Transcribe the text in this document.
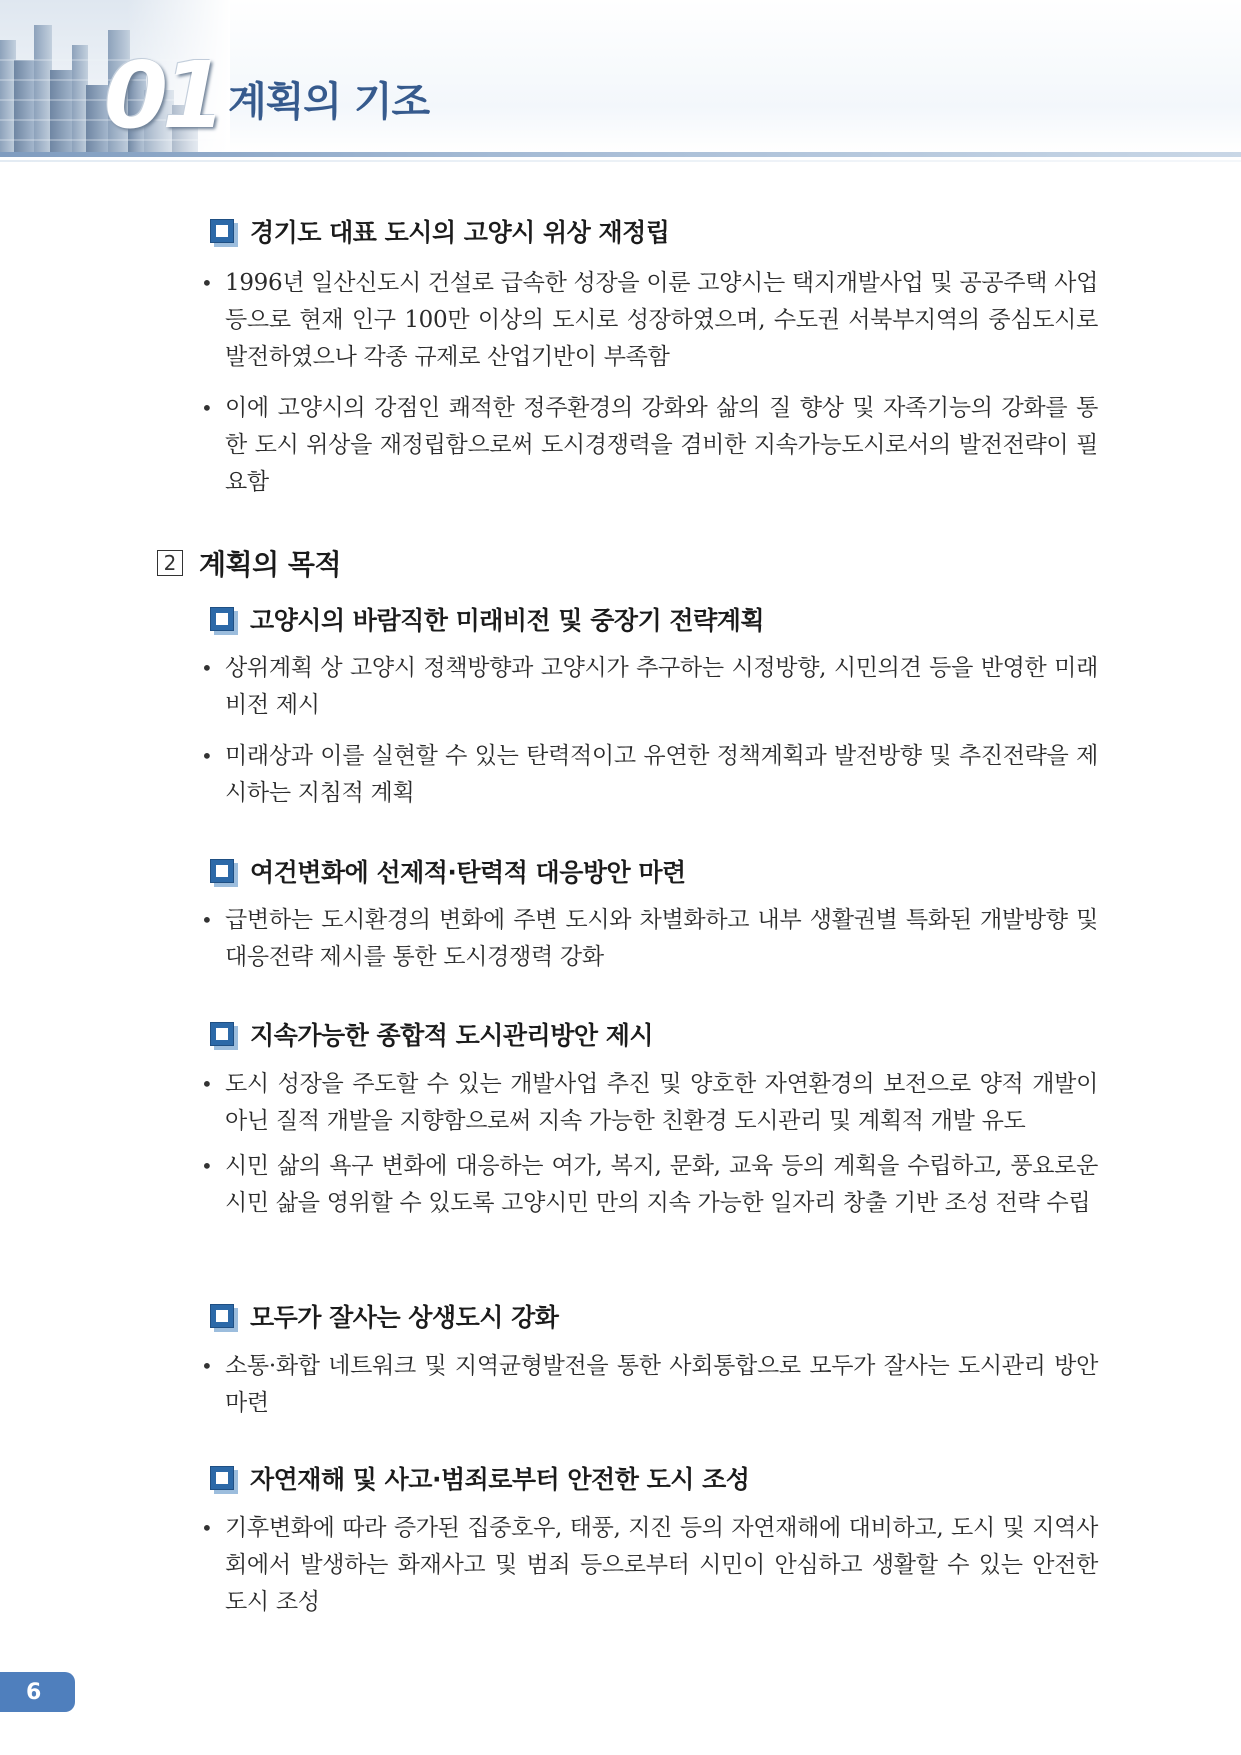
01 계획의 기조
경기도 대표 도시의 고양시 위상 재정립
• 1996년 일산신도시 건설로 급속한 성장을 이룬 고양시는 택지개발사업 및 공공주택 사업 등으로 현재 인구 100만 이상의 도시로 성장하였으며, 수도권 서북부지역의 중심도시로 발전하였으나 각종 규제로 산업기반이 부족함
• 이에 고양시의 강점인 쾌적한 정주환경의 강화와 삶의 질 향상 및 자족기능의 강화를 통한 도시 위상을 재정립함으로써 도시경쟁력을 겸비한 지속가능도시로서의 발전전략이 필요함
2 계획의 목적
고양시의 바람직한 미래비전 및 중장기 전략계획
• 상위계획 상 고양시 정책방향과 고양시가 추구하는 시정방향, 시민의견 등을 반영한 미래비전 제시
• 미래상과 이를 실현할 수 있는 탄력적이고 유연한 정책계획과 발전방향 및 추진전략을 제시하는 지침적 계획
여건변화에 선제적·탄력적 대응방안 마련
• 급변하는 도시환경의 변화에 주변 도시와 차별화하고 내부 생활권별 특화된 개발방향 및 대응전략 제시를 통한 도시경쟁력 강화
지속가능한 종합적 도시관리방안 제시
• 도시 성장을 주도할 수 있는 개발사업 추진 및 양호한 자연환경의 보전으로 양적 개발이 아닌 질적 개발을 지향함으로써 지속 가능한 친환경 도시관리 및 계획적 개발 유도
• 시민 삶의 욕구 변화에 대응하는 여가, 복지, 문화, 교육 등의 계획을 수립하고, 풍요로운 시민 삶을 영위할 수 있도록 고양시민 만의 지속 가능한 일자리 창출 기반 조성 전략 수립
모두가 잘사는 상생도시 강화
• 소통·화합 네트워크 및 지역균형발전을 통한 사회통합으로 모두가 잘사는 도시관리 방안 마련
자연재해 및 사고·범죄로부터 안전한 도시 조성
• 기후변화에 따라 증가된 집중호우, 태풍, 지진 등의 자연재해에 대비하고, 도시 및 지역사회에서 발생하는 화재사고 및 범죄 등으로부터 시민이 안심하고 생활할 수 있는 안전한 도시 조성
6
